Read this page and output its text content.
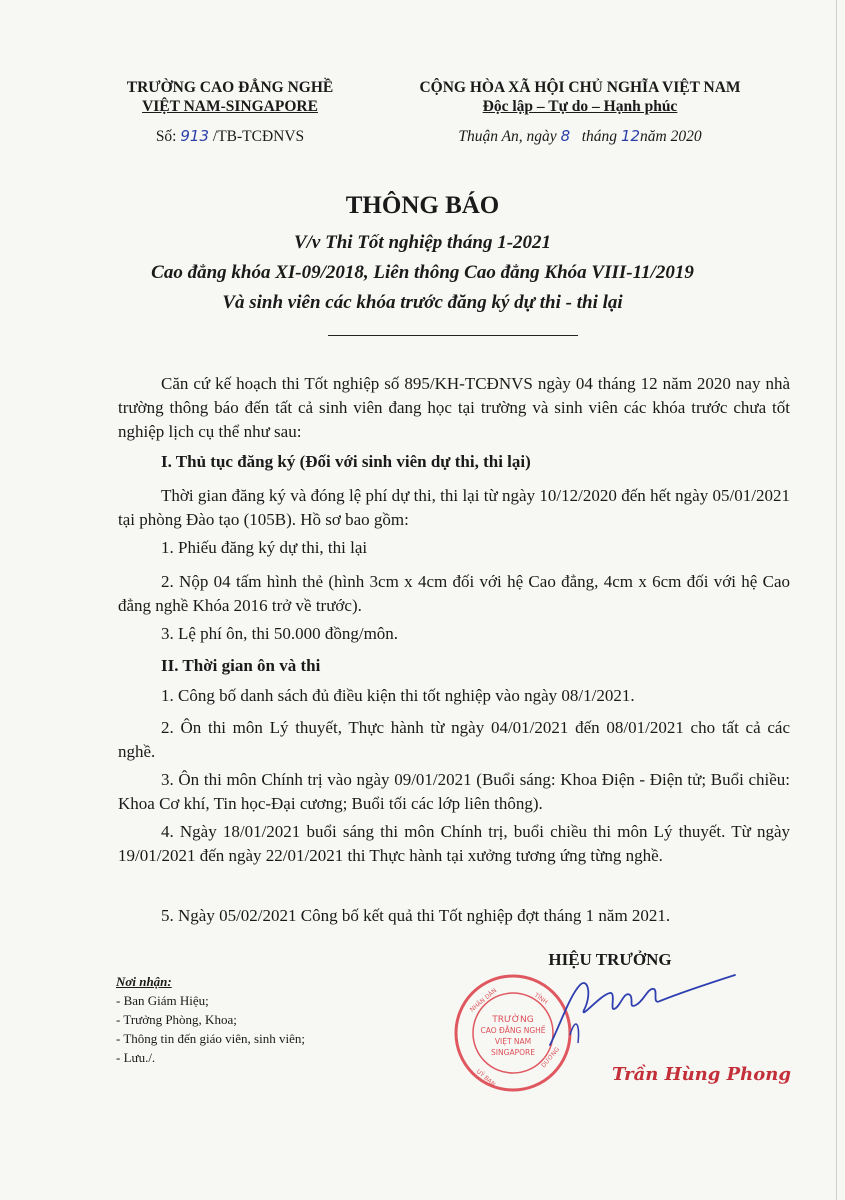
TRƯỜNG CAO ĐẲNG NGHỀ
VIỆT NAM-SINGAPORE
Số: 913 /TB-TCĐNVS
CỘNG HÒA XÃ HỘI CHỦ NGHĨA VIỆT NAM
Độc lập – Tự do – Hạnh phúc
Thuận An, ngày 8 tháng 12năm 2020
THÔNG BÁO
V/v Thi Tốt nghiệp tháng 1-2021
Cao đẳng khóa XI-09/2018, Liên thông Cao đẳng Khóa VIII-11/2019
Và sinh viên các khóa trước đăng ký dự thi - thi lại
Căn cứ kế hoạch thi Tốt nghiệp số 895/KH-TCĐNVS ngày 04 tháng 12 năm 2020 nay nhà trường thông báo đến tất cả sinh viên đang học tại trường và sinh viên các khóa trước chưa tốt nghiệp lịch cụ thể như sau:
I. Thủ tục đăng ký (Đối với sinh viên dự thi, thi lại)
Thời gian đăng ký và đóng lệ phí dự thi, thi lại từ ngày 10/12/2020 đến hết ngày 05/01/2021 tại phòng Đào tạo (105B). Hồ sơ bao gồm:
1. Phiếu đăng ký dự thi, thi lại
2. Nộp 04 tấm hình thẻ (hình 3cm x 4cm đối với hệ Cao đẳng, 4cm x 6cm đối với hệ Cao đẳng nghề Khóa 2016 trở về trước).
3. Lệ phí ôn, thi 50.000 đồng/môn.
II. Thời gian ôn và thi
1. Công bố danh sách đủ điều kiện thi tốt nghiệp vào ngày 08/1/2021.
2. Ôn thi môn Lý thuyết, Thực hành từ ngày 04/01/2021 đến 08/01/2021 cho tất cả các nghề.
3. Ôn thi môn Chính trị vào ngày 09/01/2021 (Buổi sáng: Khoa Điện - Điện tử; Buổi chiều: Khoa Cơ khí, Tin học-Đại cương; Buổi tối các lớp liên thông).
4. Ngày 18/01/2021 buổi sáng thi môn Chính trị, buổi chiều thi môn Lý thuyết. Từ ngày 19/01/2021 đến ngày 22/01/2021 thi Thực hành tại xưởng tương ứng từng nghề.
5. Ngày 05/02/2021 Công bố kết quả thi Tốt nghiệp đợt tháng 1 năm 2021.
Nơi nhận:
- Ban Giám Hiệu;
- Trưởng Phòng, Khoa;
- Thông tin đến giáo viên, sinh viên;
- Lưu./.
HIỆU TRƯỞNG
TRƯỜNG
CAO ĐẲNG NGHỀ
VIỆT NAM
SINGAPORE
NHÂN DÂN	TỈNH
UỶ BAN
DƯƠNG
Trần Hùng Phong
